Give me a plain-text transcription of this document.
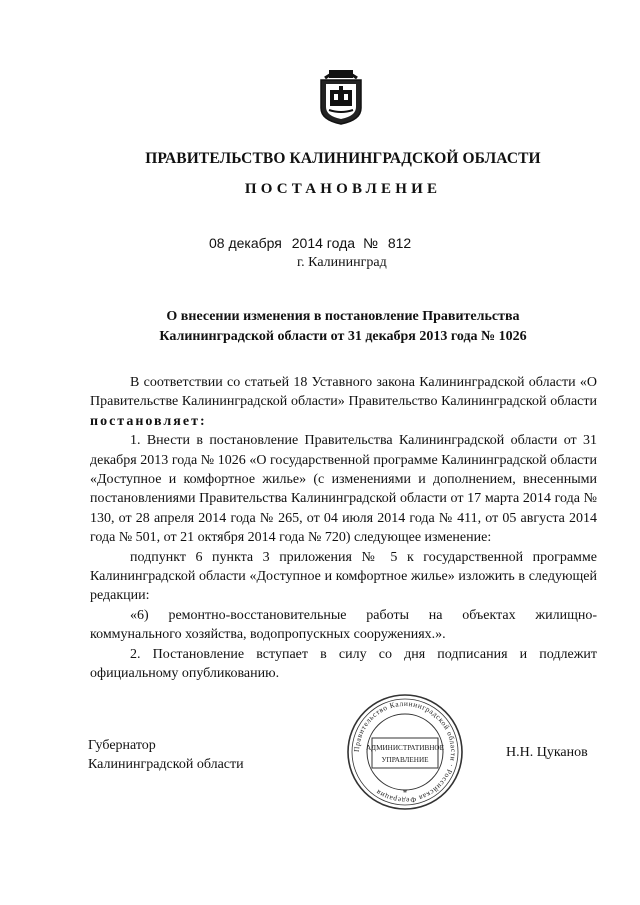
ПРАВИТЕЛЬСТВО КАЛИНИНГРАДСКОЙ ОБЛАСТИ
ПОСТАНОВЛЕНИЕ
08 декабря 2014 года № 812
г. Калининград
О внесении изменения в постановление Правительства
Калининградской области от 31 декабря 2013 года № 1026

В соответствии со статьей 18 Уставного закона Калининградской области «О Правительстве Калининградской области» Правительство Калининградской области постановляет:

1. Внести в постановление Правительства Калининградской области от 31 декабря 2013 года № 1026 «О государственной программе Калининградской области «Доступное и комфортное жилье» (с изменениями и дополнением, внесенными постановлениями Правительства Калининградской области от 17 марта 2014 года № 130, от 28 апреля 2014 года № 265, от 04 июля 2014 года № 411, от 05 августа 2014 года № 501, от 21 октября 2014 года № 720) следующее изменение:

подпункт 6 пункта 3 приложения № 5 к государственной программе Калининградской области «Доступное и комфортное жилье» изложить в следующей редакции:

«6) ремонтно-восстановительные работы на объектах жилищно-коммунального хозяйства, водопропускных сооружениях.».

2. Постановление вступает в силу со дня подписания и подлежит официальному опубликованию.

Губернатор
Калининградской области
Правительство Калининградской области · Российская Федерация
АДМИНИСТРАТИВНОЕ
УПРАВЛЕНИЕ
*
Н.Н. Цуканов
